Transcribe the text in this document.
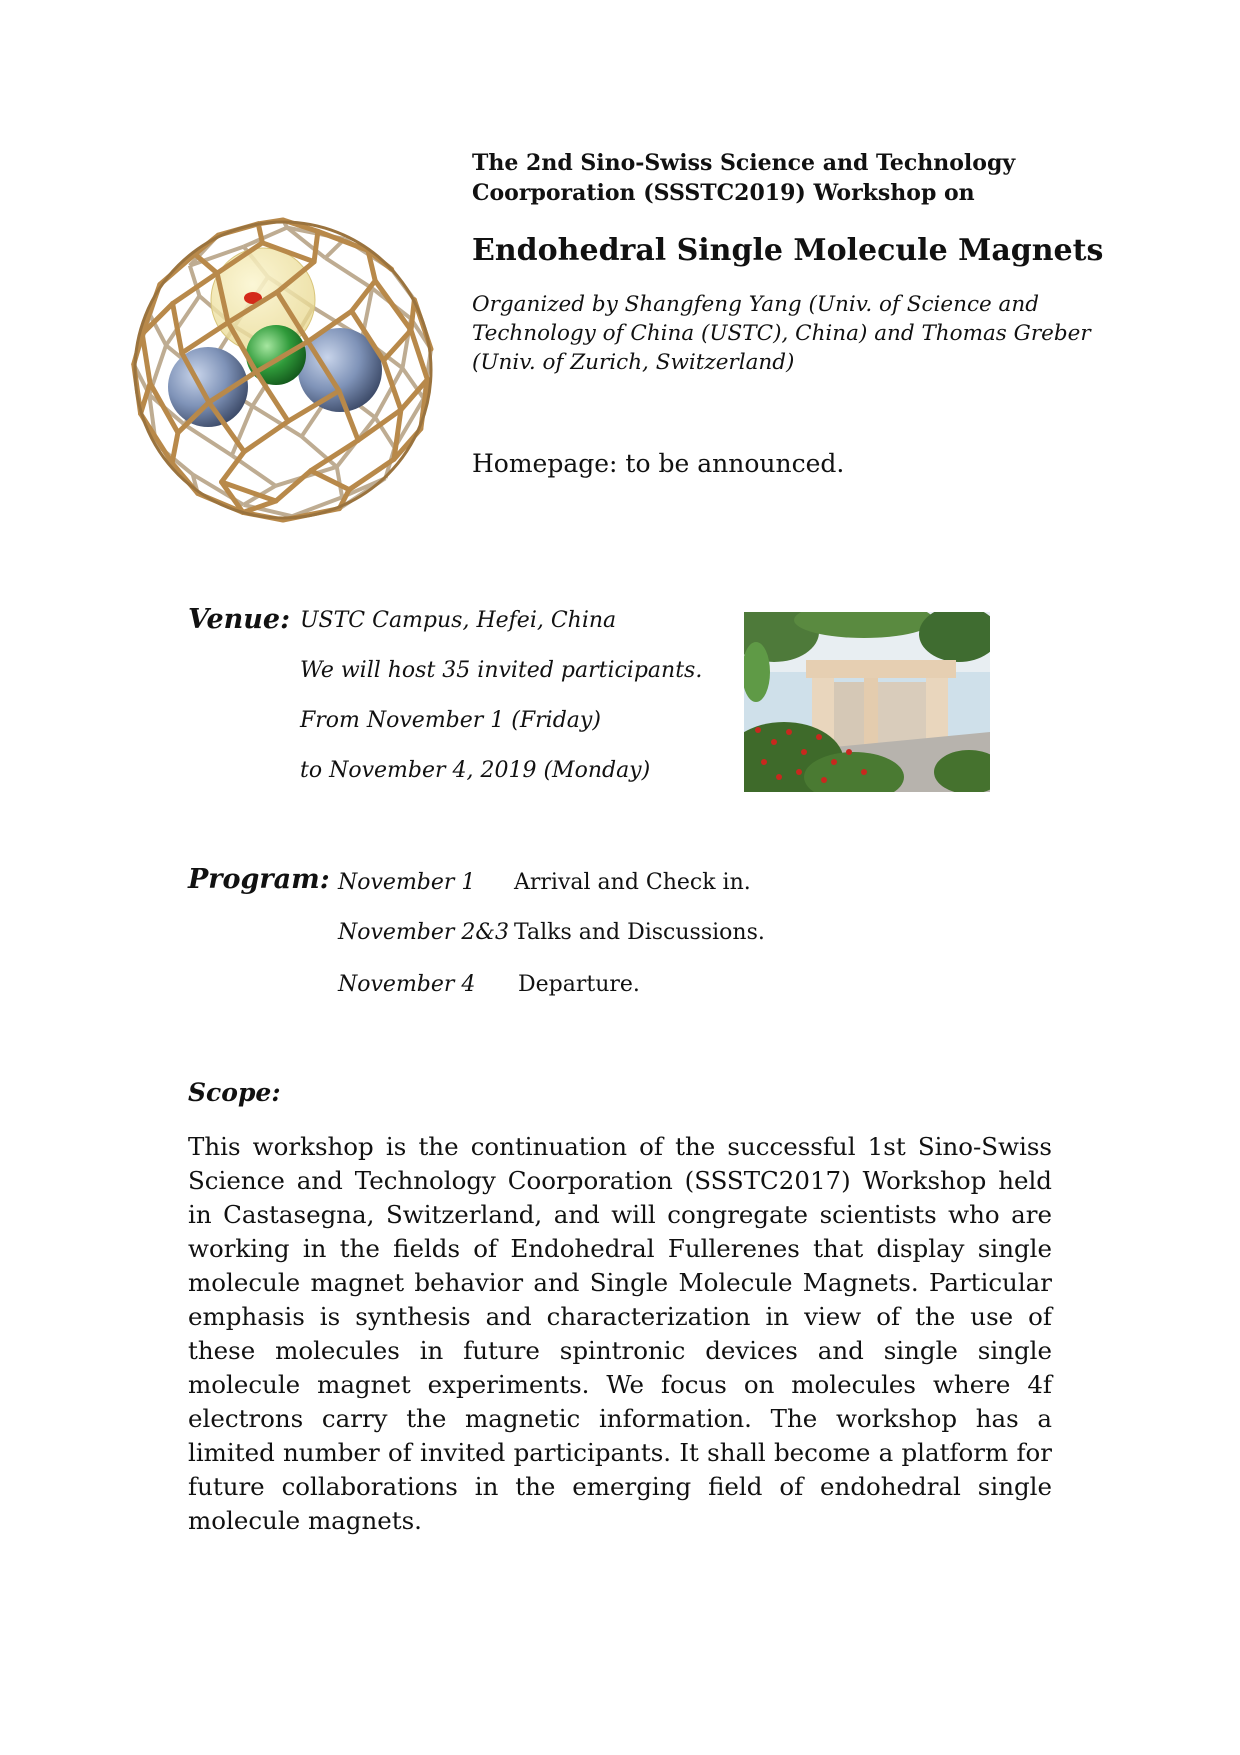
The 2nd Sino-Swiss Science and Technology
Coorporation (SSSTC2019) Workshop on
Endohedral Single Molecule Magnets
Organized by Shangfeng Yang (Univ. of Science and
Technology of China (USTC), China) and Thomas Greber
(Univ. of Zurich, Switzerland)
Homepage: to be announced.
Venue: USTC Campus, Hefei, China
We will host 35 invited participants.
From November 1 (Friday)
to November 4, 2019 (Monday)
Program: November 1 Arrival and Check in.
November 2&3 Talks and Discussions.
November 4 Departure.
Scope:
This workshop is the continuation of the successful 1st Sino-Swiss Science and Technology Coorporation (SSSTC2017) Workshop held in Castasegna, Switzerland, and will congregate scientists who are working in the fields of Endohedral Fullerenes that display single molecule magnet behavior and Single Molecule Magnets. Particular emphasis is synthesis and characterization in view of the use of these molecules in future spintronic devices and single single molecule magnet experiments. We focus on molecules where 4f electrons carry the magnetic information. The workshop has a limited number of invited participants. It shall become a platform for future collaborations in the emerging field of endohedral single molecule magnets.
